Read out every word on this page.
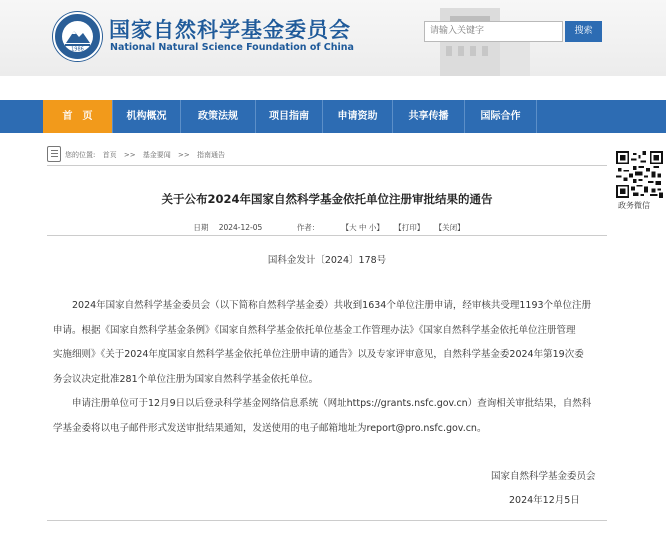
1986
国家自然科学基金委员会
National Natural Science Foundation of China
请输入关键字	搜索
首　页	机构概况	政策法规	项目指南	申请资助	共享传播	国际合作
您的位置: 首页 >> 基金要闻 >> 指南通告
政务微信
关于公布2024年国家自然科学基金依托单位注册审批结果的通告
日期 2024-12-05	作者：	【大 中 小】 【打印】 【关闭】
国科金发计〔2024〕178号
2024年国家自然科学基金委员会（以下简称自然科学基金委）共收到1634个单位注册申请，经审核共受理1193个单位注册
申请。根据《国家自然科学基金条例》《国家自然科学基金依托单位基金工作管理办法》《国家自然科学基金依托单位注册管理
实施细则》《关于2024年度国家自然科学基金依托单位注册申请的通告》以及专家评审意见，自然科学基金委2024年第19次委
务会议决定批准281个单位注册为国家自然科学基金依托单位。
申请注册单位可于12月9日以后登录科学基金网络信息系统（网址https://grants.nsfc.gov.cn）查询相关审批结果，自然科
学基金委将以电子邮件形式发送审批结果通知，发送使用的电子邮箱地址为report@pro.nsfc.gov.cn。
国家自然科学基金委员会
2024年12月5日
